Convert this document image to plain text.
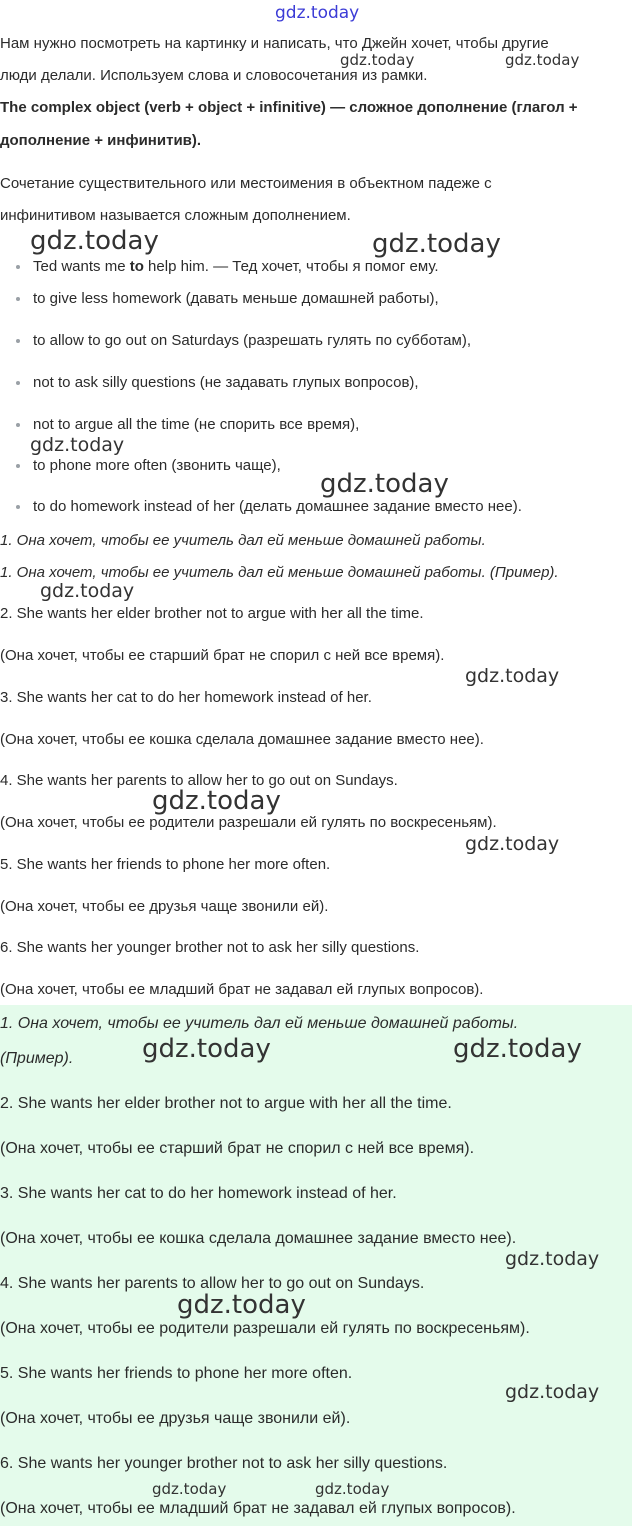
gdz.today
Нам нужно посмотреть на картинку и написать, что Джейн хочет, чтобы другие
люди делали. Используем слова и словосочетания из рамки.
The complex object (verb + object + infinitive) — сложное дополнение (глагол +
дополнение + инфинитив).
Сочетание существительного или местоимения в объектном падеже с
инфинитивом называется сложным дополнением.
Ted wants me to help him. — Тед хочет, чтобы я помог ему.
to give less homework (давать меньше домашней работы),
to allow to go out on Saturdays (разрешать гулять по субботам),
not to ask silly questions (не задавать глупых вопросов),
not to argue all the time (не спорить все время),
to phone more often (звонить чаще),
to do homework instead of her (делать домашнее задание вместо нее).
1. Она хочет, чтобы ее учитель дал ей меньше домашней работы.
1. Она хочет, чтобы ее учитель дал ей меньше домашней работы. (Пример).
2. She wants her elder brother not to argue with her all the time.
(Она хочет, чтобы ее старший брат не спорил с ней все время).
3. She wants her cat to do her homework instead of her.
(Она хочет, чтобы ее кошка сделала домашнее задание вместо нее).
4. She wants her parents to allow her to go out on Sundays.
(Она хочет, чтобы ее родители разрешали ей гулять по воскресеньям).
5. She wants her friends to phone her more often.
(Она хочет, чтобы ее друзья чаще звонили ей).
6. She wants her younger brother not to ask her silly questions.
(Она хочет, чтобы ее младший брат не задавал ей глупых вопросов).
1. Она хочет, чтобы ее учитель дал ей меньше домашней работы.
(Пример).
2. She wants her elder brother not to argue with her all the time.
(Она хочет, чтобы ее старший брат не спорил с ней все время).
3. She wants her cat to do her homework instead of her.
(Она хочет, чтобы ее кошка сделала домашнее задание вместо нее).
4. She wants her parents to allow her to go out on Sundays.
(Она хочет, чтобы ее родители разрешали ей гулять по воскресеньям).
5. She wants her friends to phone her more often.
(Она хочет, чтобы ее друзья чаще звонили ей).
6. She wants her younger brother not to ask her silly questions.
(Она хочет, чтобы ее младший брат не задавал ей глупых вопросов).
gdz.today	gdz.today
gdz.today	gdz.today
gdz.today
gdz.today
gdz.today
gdz.today
gdz.today
gdz.today
gdz.today	gdz.today
gdz.today
gdz.today
gdz.today
gdz.today	gdz.today
